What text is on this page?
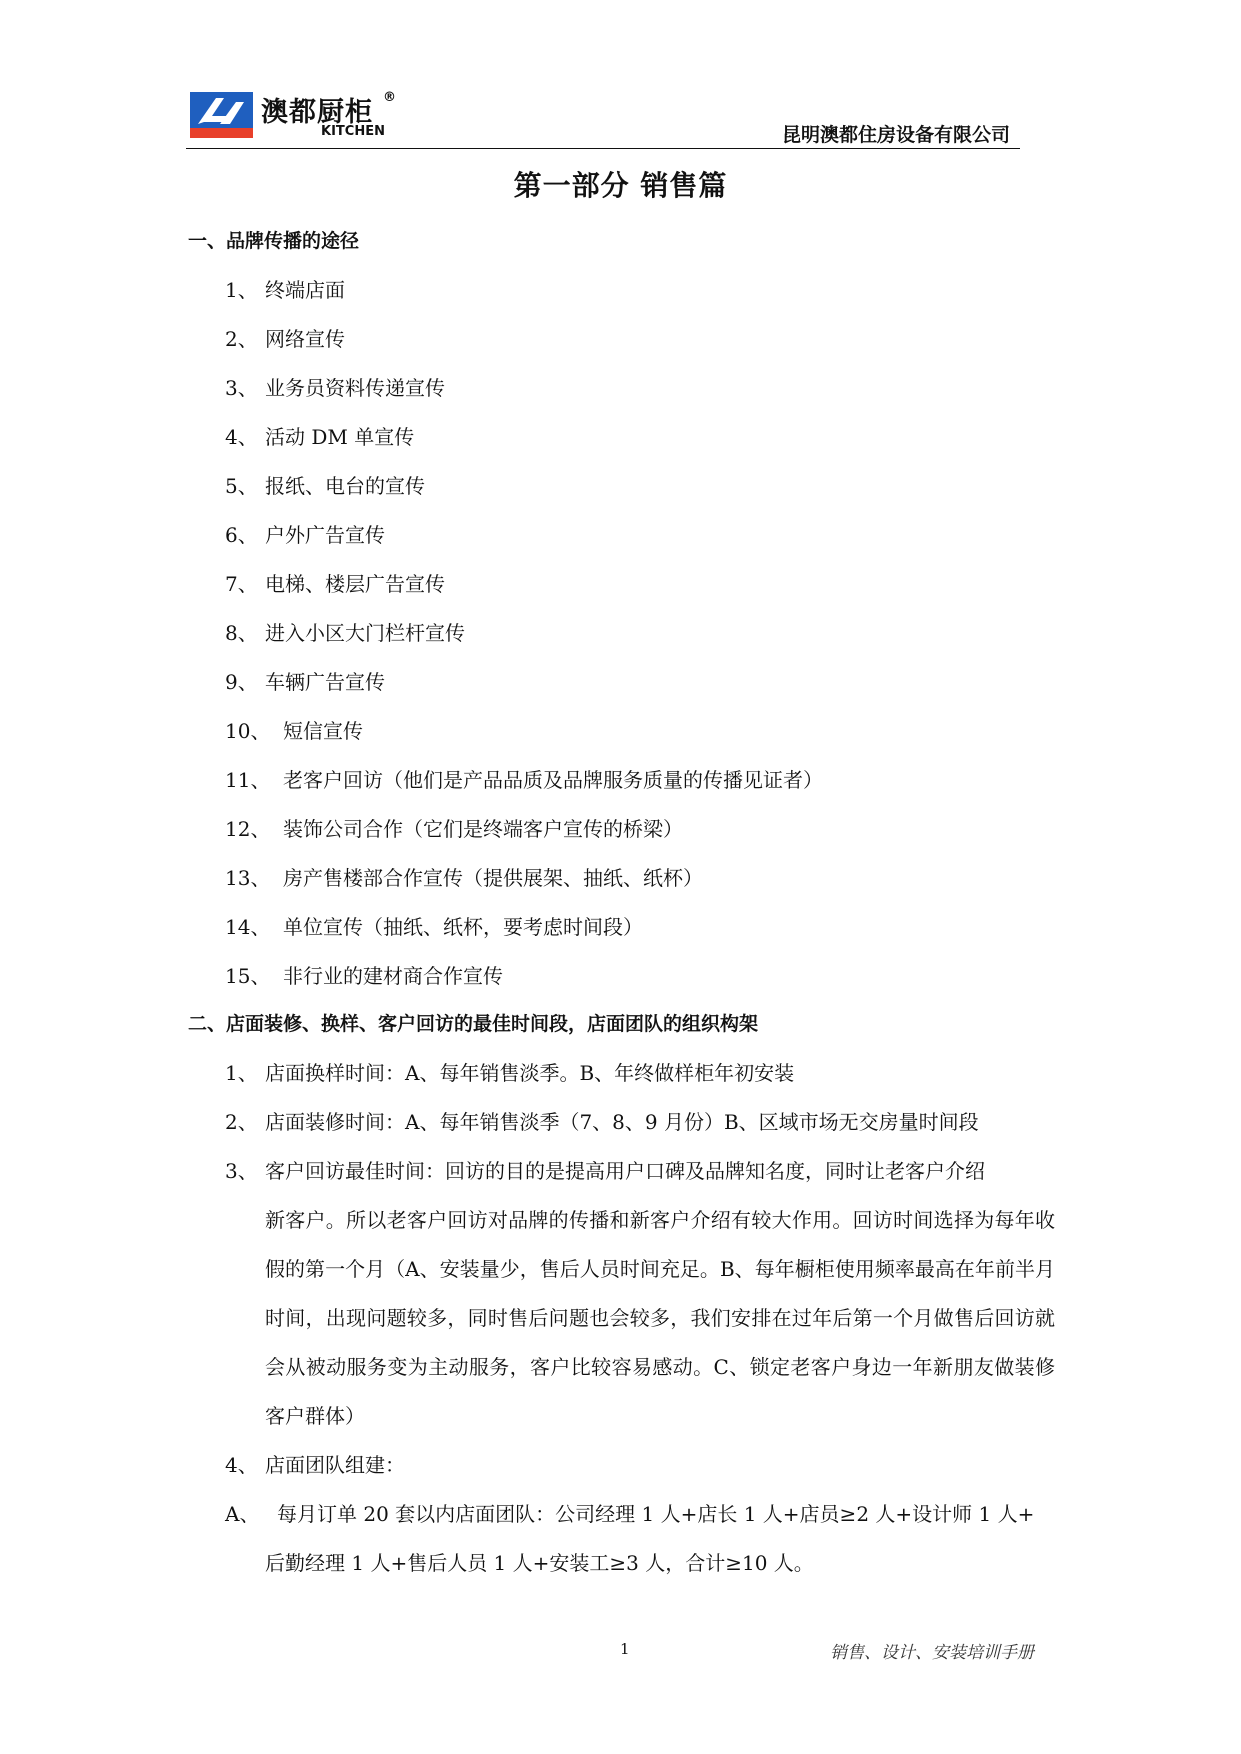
澳都厨柜 ®
KITCHEN	昆明澳都住房设备有限公司
第一部分 销售篇
一、品牌传播的途径
1、 终端店面
2、 网络宣传
3、 业务员资料传递宣传
4、 活动 DM 单宣传
5、 报纸、电台的宣传
6、 户外广告宣传
7、 电梯、楼层广告宣传
8、 进入小区大门栏杆宣传
9、 车辆广告宣传
10、 短信宣传
11、 老客户回访（他们是产品品质及品牌服务质量的传播见证者）
12、 装饰公司合作（它们是终端客户宣传的桥梁）
13、 房产售楼部合作宣传（提供展架、抽纸、纸杯）
14、 单位宣传（抽纸、纸杯，要考虑时间段）
15、 非行业的建材商合作宣传
二、店面装修、换样、客户回访的最佳时间段，店面团队的组织构架
1、 店面换样时间：A、每年销售淡季。B、年终做样柜年初安装
2、 店面装修时间：A、每年销售淡季（7、8、9 月份）B、区域市场无交房量时间段
3、 客户回访最佳时间：回访的目的是提高用户口碑及品牌知名度，同时让老客户介绍
新客户。所以老客户回访对品牌的传播和新客户介绍有较大作用。回访时间选择为每年收假的第一个月（A、安装量少，售后人员时间充足。B、每年橱柜使用频率最高在年前半月时间，出现问题较多，同时售后问题也会较多，我们安排在过年后第一个月做售后回访就会从被动服务变为主动服务，客户比较容易感动。C、锁定老客户身边一年新朋友做装修客户群体）
4、 店面团队组建：
A、 每月订单 20 套以内店面团队：公司经理 1 人+店长 1 人+店员≥2 人+设计师 1 人+
后勤经理 1 人+售后人员 1 人+安装工≥3 人，合计≥10 人。
1	销售、设计、安装培训手册
